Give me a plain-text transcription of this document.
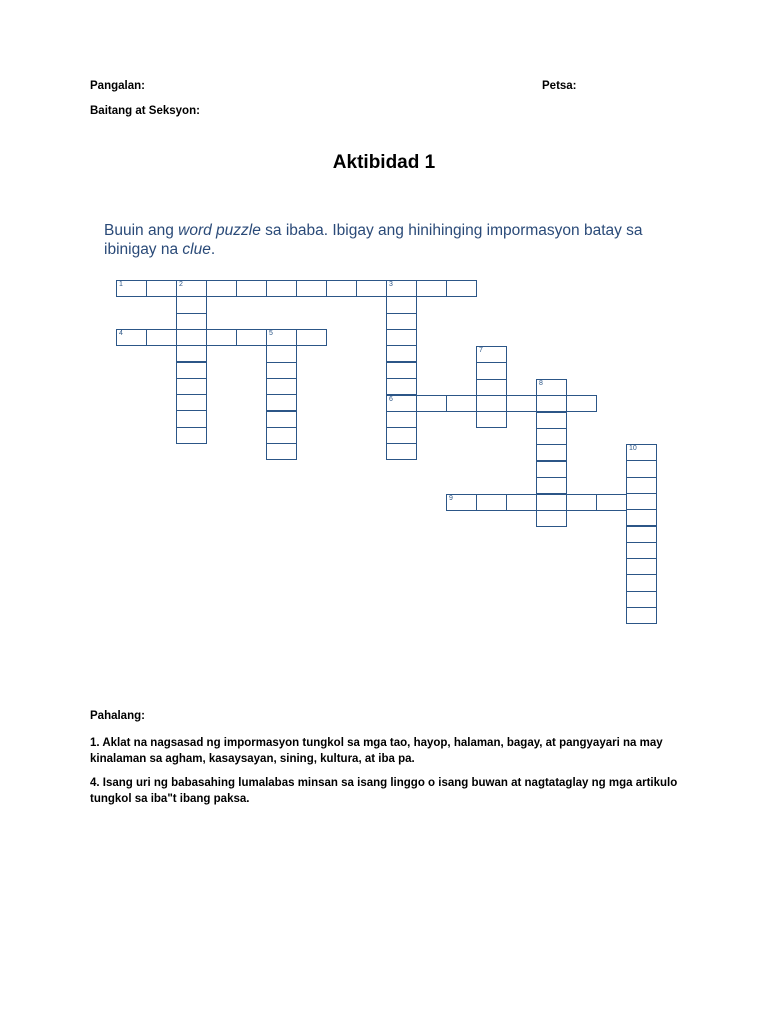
Pangalan:	Petsa:
Baitang at Seksyon:
Aktibidad 1
Buuin ang word puzzle sa ibaba. Ibigay ang hinihinging impormasyon batay sa ibinigay na clue.
1	2	3
4	5
6
7
8
9
10
Pahalang:
1. Aklat na nagsasad ng impormasyon tungkol sa mga tao, hayop, halaman, bagay, at pangyayari na may kinalaman sa agham, kasaysayan, sining, kultura, at iba pa.
4. Isang uri ng babasahing lumalabas minsan sa isang linggo o isang buwan at nagtataglay ng mga artikulo tungkol sa iba"t ibang paksa.
